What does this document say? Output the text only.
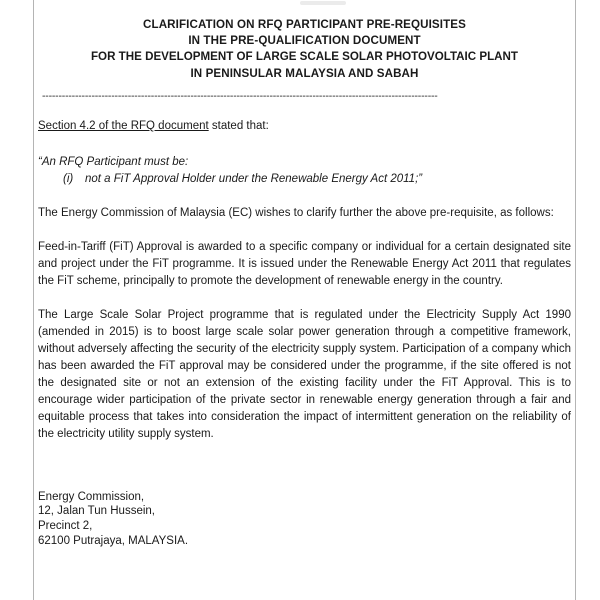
CLARIFICATION ON RFQ PARTICIPANT PRE-REQUISITES
IN THE PRE-QUALIFICATION DOCUMENT
FOR THE DEVELOPMENT OF LARGE SCALE SOLAR PHOTOVOLTAIC PLANT
IN PENINSULAR MALAYSIA AND SABAH
------------------------------------------------------------------------------------------------------------------------

Section 4.2 of the RFQ document stated that:

“An RFQ Participant must be:

(i) not a FiT Approval Holder under the Renewable Energy Act 2011;”

The Energy Commission of Malaysia (EC) wishes to clarify further the above pre-requisite, as follows:

Feed-in-Tariff (FiT) Approval is awarded to a specific company or individual for a certain designated site and project under the FiT programme. It is issued under the Renewable Energy Act 2011 that regulates the FiT scheme, principally to promote the development of renewable energy in the country.

The Large Scale Solar Project programme that is regulated under the Electricity Supply Act 1990 (amended in 2015) is to boost large scale solar power generation through a competitive framework, without adversely affecting the security of the electricity supply system. Participation of a company which has been awarded the FiT approval may be considered under the programme, if the site offered is not the designated site or not an extension of the existing facility under the FiT Approval. This is to encourage wider participation of the private sector in renewable energy generation through a fair and equitable process that takes into consideration the impact of intermittent generation on the reliability of the electricity utility supply system.

Energy Commission,

12, Jalan Tun Hussein,

Precinct 2,

62100 Putrajaya, MALAYSIA.
